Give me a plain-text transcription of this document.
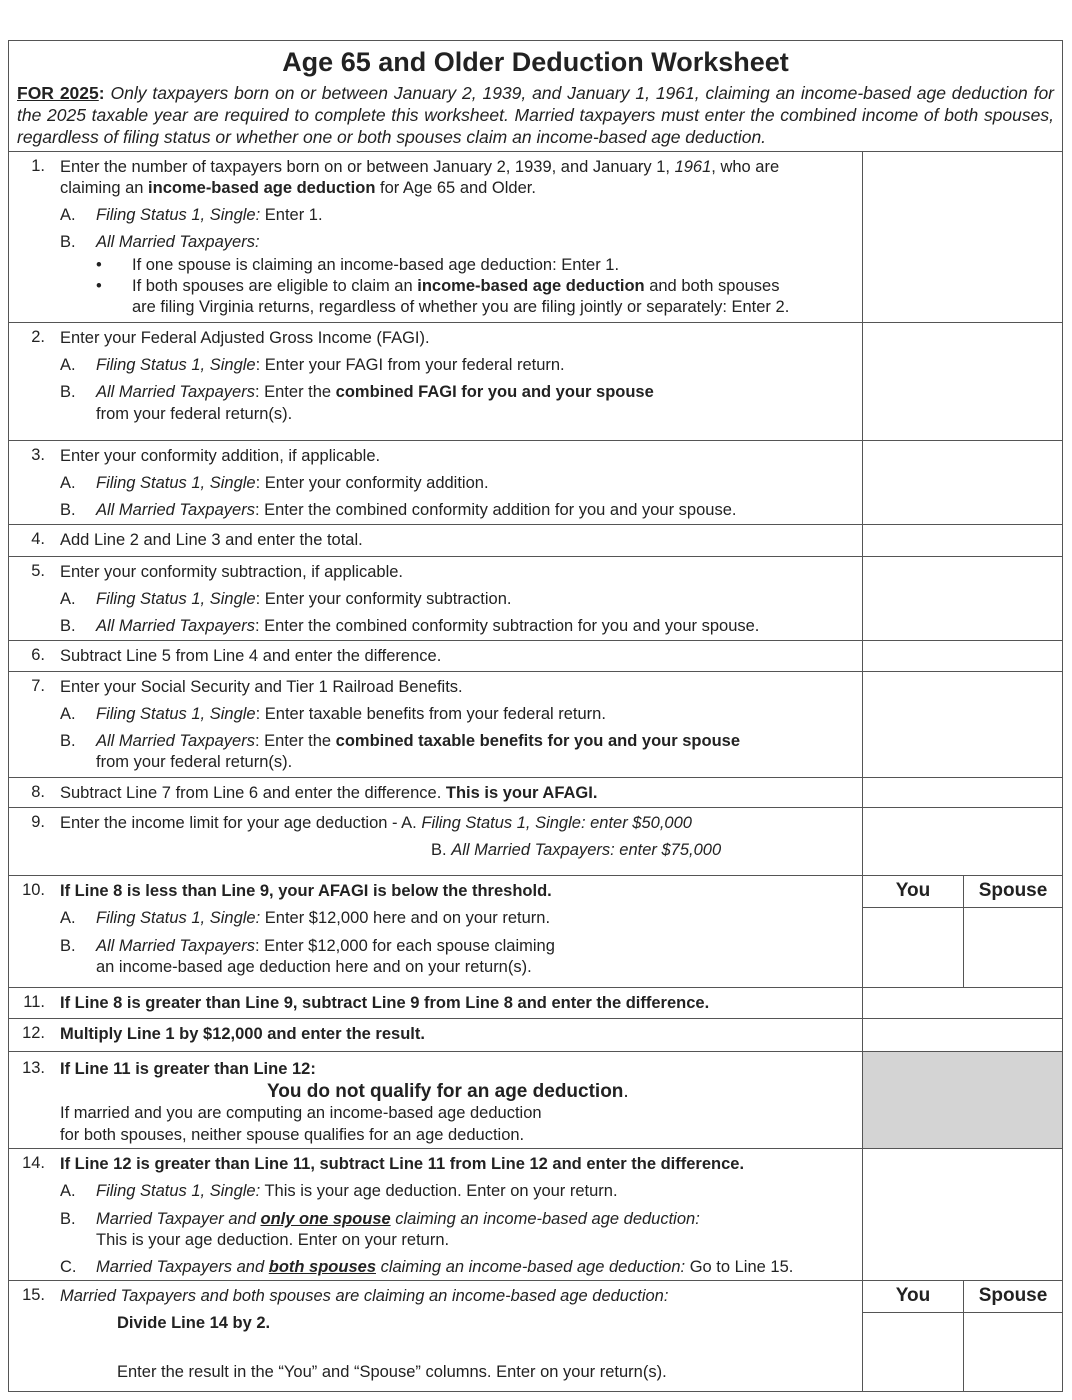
Age 65 and Older Deduction Worksheet
FOR 2025: Only taxpayers born on or between January 2, 1939, and January 1, 1961, claiming an income-based age deduction for the 2025 taxable year are required to complete this worksheet. Married taxpayers must enter the combined income of both spouses, regardless of filing status or whether one or both spouses claim an income-based age deduction.
1. Enter the number of taxpayers born on or between January 2, 1939, and January 1, 1961, who are
claiming an income-based age deduction for Age 65 and Older.
A. Filing Status 1, Single: Enter 1.
B. All Married Taxpayers:
• If one spouse is claiming an income-based age deduction: Enter 1.
• If both spouses are eligible to claim an income-based age deduction and both spouses
are filing Virginia returns, regardless of whether you are filing jointly or separately: Enter 2.
2. Enter your Federal Adjusted Gross Income (FAGI).
A. Filing Status 1, Single: Enter your FAGI from your federal return.
B. All Married Taxpayers: Enter the combined FAGI for you and your spouse
from your federal return(s).
3. Enter your conformity addition, if applicable.
A. Filing Status 1, Single: Enter your conformity addition.
B. All Married Taxpayers: Enter the combined conformity addition for you and your spouse.
4. Add Line 2 and Line 3 and enter the total.
5. Enter your conformity subtraction, if applicable.
A. Filing Status 1, Single: Enter your conformity subtraction.
B. All Married Taxpayers: Enter the combined conformity subtraction for you and your spouse.
6. Subtract Line 5 from Line 4 and enter the difference.
7. Enter your Social Security and Tier 1 Railroad Benefits.
A. Filing Status 1, Single: Enter taxable benefits from your federal return.
B. All Married Taxpayers: Enter the combined taxable benefits for you and your spouse
from your federal return(s).
8. Subtract Line 7 from Line 6 and enter the difference. This is your AFAGI.
9. Enter the income limit for your age deduction - A. Filing Status 1, Single: enter $50,000
B. All Married Taxpayers: enter $75,000
10. If Line 8 is less than Line 9, your AFAGI is below the threshold.
A. Filing Status 1, Single: Enter $12,000 here and on your return.
B. All Married Taxpayers: Enter $12,000 for each spouse claiming
an income-based age deduction here and on your return(s).
You	Spouse
11. If Line 8 is greater than Line 9, subtract Line 9 from Line 8 and enter the difference.
12. Multiply Line 1 by $12,000 and enter the result.
13. If Line 11 is greater than Line 12:
You do not qualify for an age deduction.
If married and you are computing an income-based age deduction
for both spouses, neither spouse qualifies for an age deduction.
14. If Line 12 is greater than Line 11, subtract Line 11 from Line 12 and enter the difference.
A. Filing Status 1, Single: This is your age deduction. Enter on your return.
B. Married Taxpayer and only one spouse claiming an income-based age deduction:
This is your age deduction. Enter on your return.
C. Married Taxpayers and both spouses claiming an income-based age deduction: Go to Line 15.
15. Married Taxpayers and both spouses are claiming an income-based age deduction:
Divide Line 14 by 2.
Enter the result in the “You” and “Spouse” columns. Enter on your return(s).
You	Spouse
